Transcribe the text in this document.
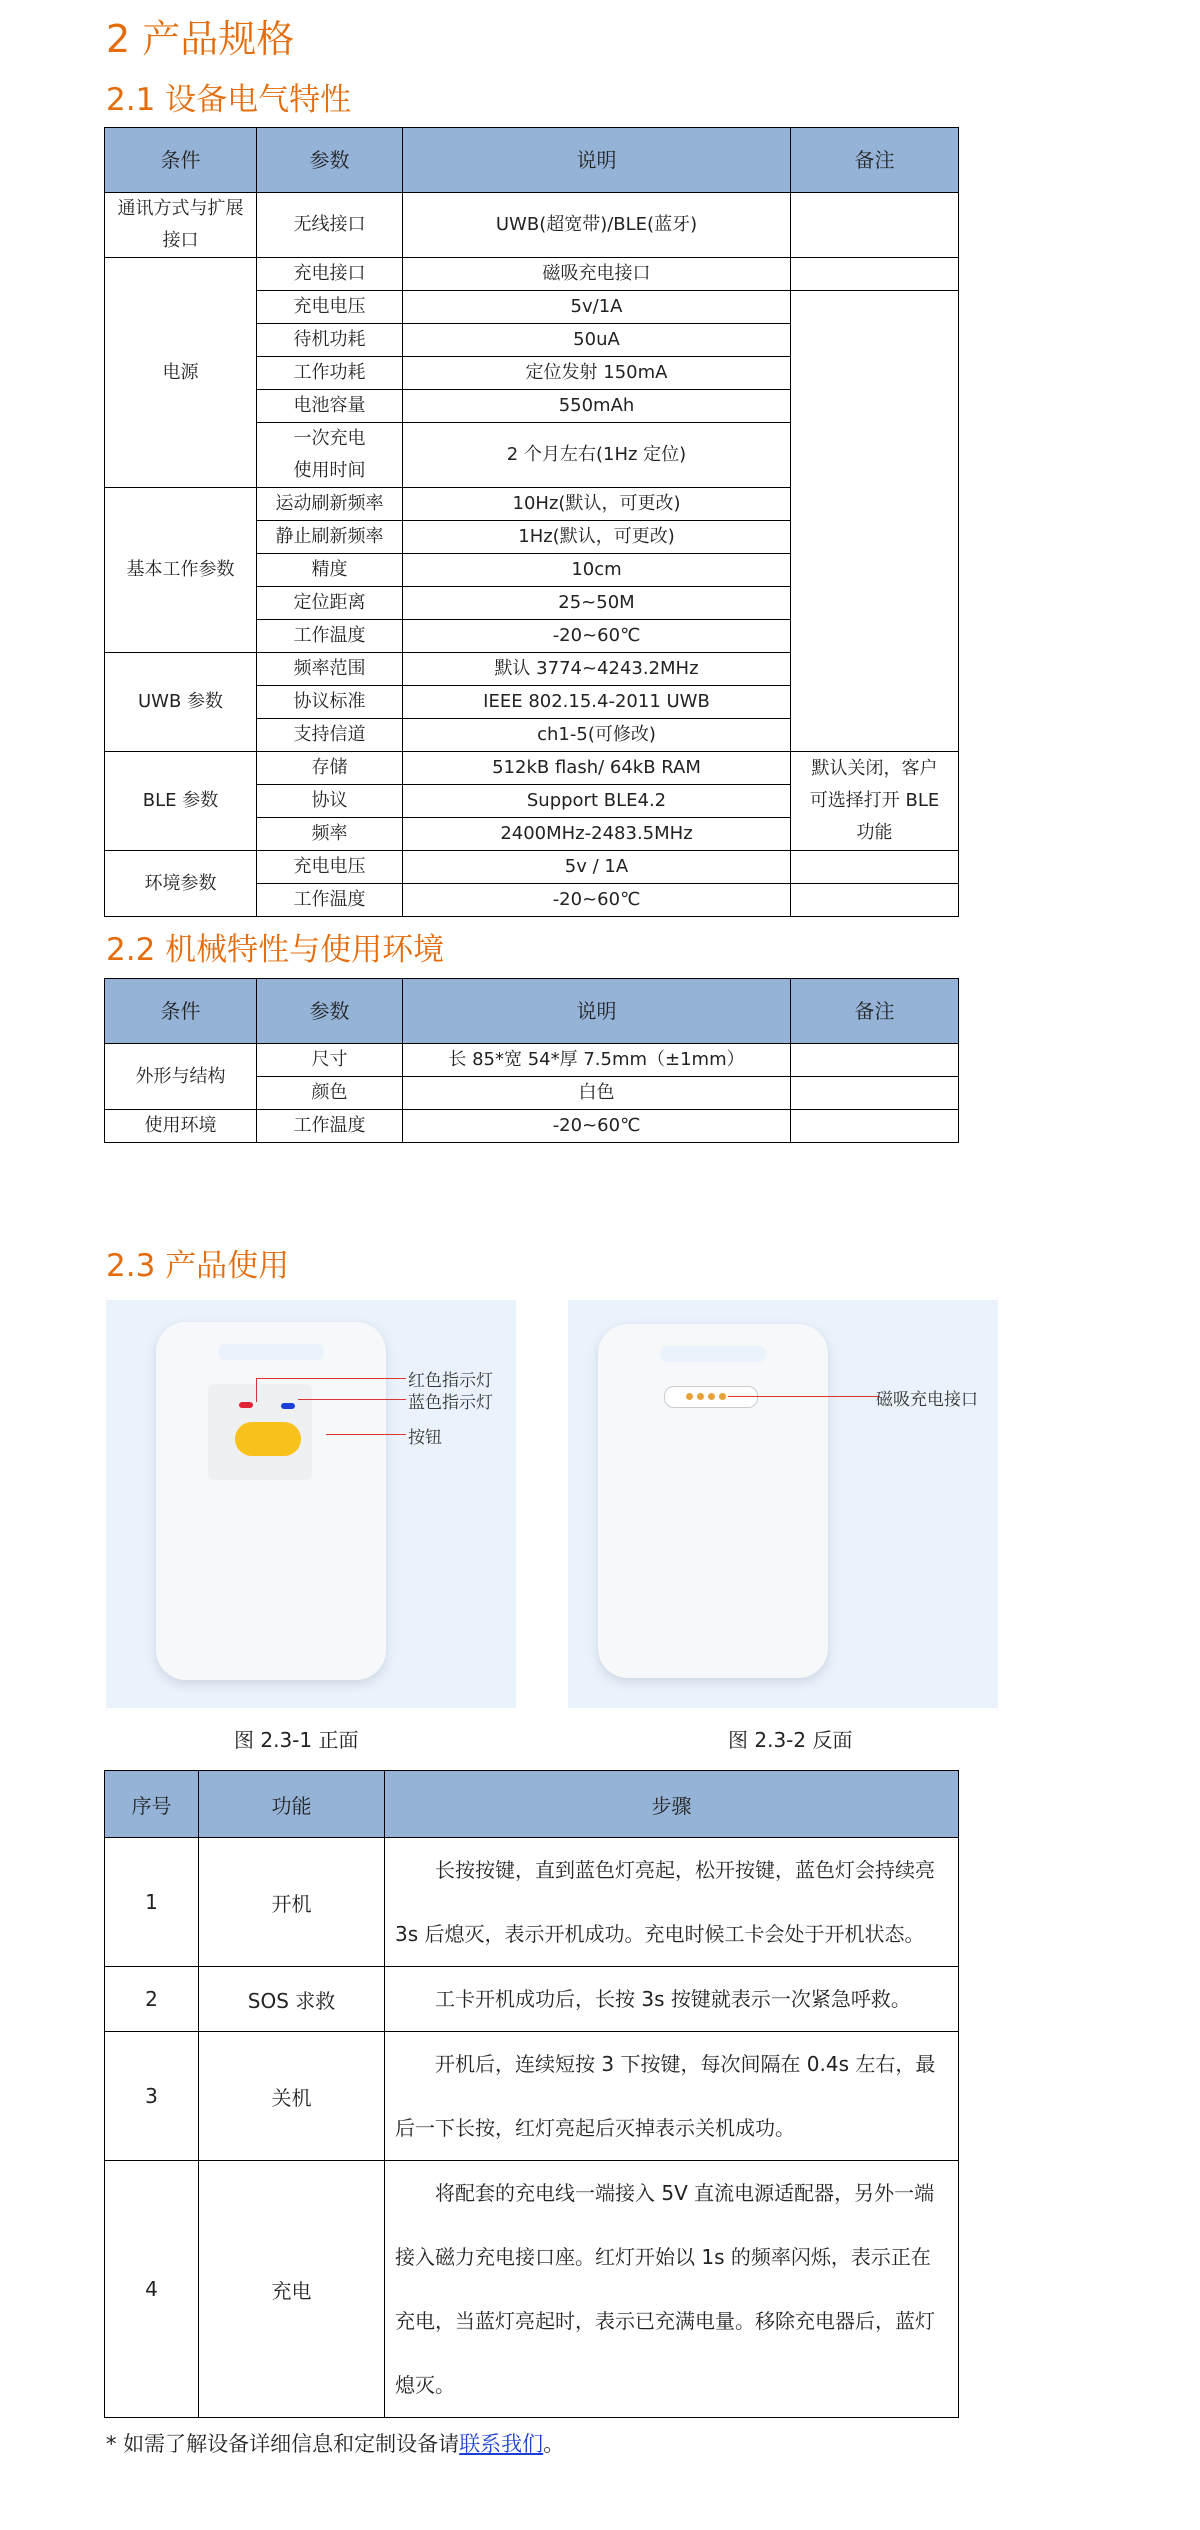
2 产品规格
2.1 设备电气特性
条件	参数	说明	备注
通讯方式与扩展接口	无线接口	UWB(超宽带)/BLE(蓝牙)	
电源	充电接口	磁吸充电接口	
	充电电压	5v/1A	
	待机功耗	50uA	
	工作功耗	定位发射 150mA	
	电池容量	550mAh	
	一次充电使用时间	2 个月左右(1Hz 定位)	
基本工作参数	运动刷新频率	10Hz(默认，可更改)	
	静止刷新频率	1Hz(默认，可更改)	
	精度	10cm	
	定位距离	25~50M	
	工作温度	-20~60℃	
UWB 参数	频率范围	默认 3774~4243.2MHz	
	协议标准	IEEE 802.15.4-2011 UWB	
	支持信道	ch1-5(可修改)	
BLE 参数	存储	512kB flash/ 64kB RAM	默认关闭，客户可选择打开 BLE 功能
	协议	Support BLE4.2	
	频率	2400MHz-2483.5MHz	
环境参数	充电电压	5v / 1A	
	工作温度	-20~60℃	
2.2 机械特性与使用环境
条件	参数	说明	备注
外形与结构	尺寸	长 85*宽 54*厚 7.5mm（±1mm）	
	颜色	白色	
使用环境	工作温度	-20~60℃	
2.3 产品使用
红色指示灯
蓝色指示灯
按钮
图 2.3-1 正面
磁吸充电接口
图 2.3-2 反面
序号	功能	步骤
1	开机	长按按键，直到蓝色灯亮起，松开按键，蓝色灯会持续亮3s 后熄灭，表示开机成功。充电时候工卡会处于开机状态。
2	SOS 求救	工卡开机成功后，长按 3s 按键就表示一次紧急呼救。
3	关机	开机后，连续短按 3 下按键，每次间隔在 0.4s 左右，最后一下长按，红灯亮起后灭掉表示关机成功。
4	充电	将配套的充电线一端接入 5V 直流电源适配器，另外一端接入磁力充电接口座。红灯开始以 1s 的频率闪烁，表示正在充电，当蓝灯亮起时，表示已充满电量。移除充电器后，蓝灯熄灭。
* 如需了解设备详细信息和定制设备请联系我们。
